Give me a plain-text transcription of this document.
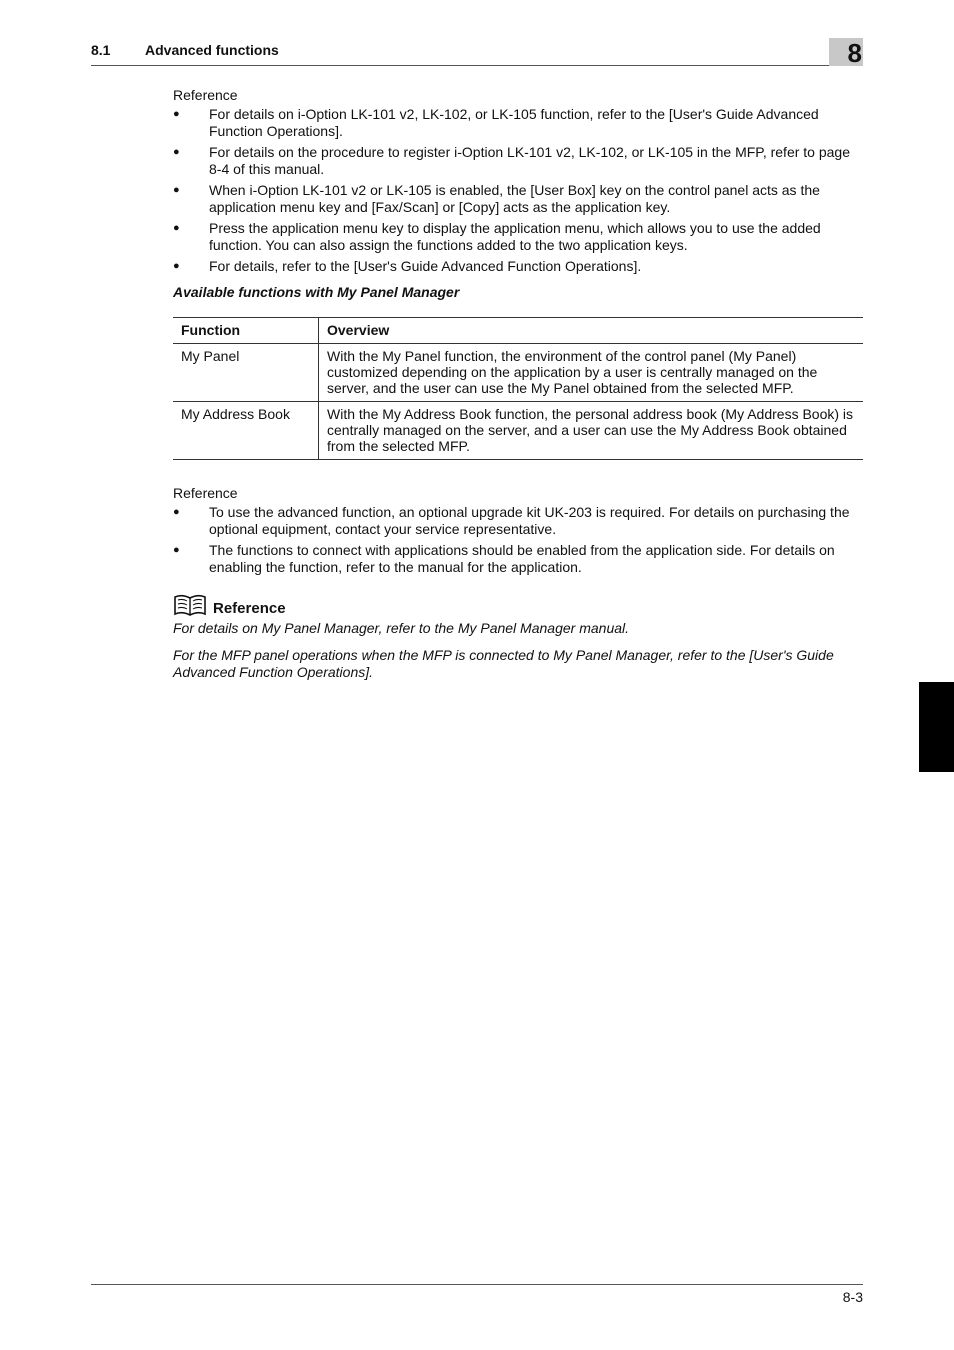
8.1 Advanced functions	8

Reference

● For details on i-Option LK-101 v2, LK-102, or LK-105 function, refer to the [User's Guide Advanced Function Operations].
● For details on the procedure to register i-Option LK-101 v2, LK-102, or LK-105 in the MFP, refer to page 8-4 of this manual.
● When i-Option LK-101 v2 or LK-105 is enabled, the [User Box] key on the control panel acts as the application menu key and [Fax/Scan] or [Copy] acts as the application key.
● Press the application menu key to display the application menu, which allows you to use the added function. You can also assign the functions added to the two application keys.
● For details, refer to the [User's Guide Advanced Function Operations].

Available functions with My Panel Manager

Function	Overview
My Panel	With the My Panel function, the environment of the control panel (My Panel) customized depending on the application by a user is centrally managed on the server, and the user can use the My Panel obtained from the selected MFP.
My Address Book	With the My Address Book function, the personal address book (My Address Book) is centrally managed on the server, and a user can use the My Address Book obtained from the selected MFP.

Reference

● To use the advanced function, an optional upgrade kit UK-203 is required. For details on purchasing the optional equipment, contact your service representative.
● The functions to connect with applications should be enabled from the application side. For details on enabling the function, refer to the manual for the application.
Reference

For details on My Panel Manager, refer to the My Panel Manager manual.

For the MFP panel operations when the MFP is connected to My Panel Manager, refer to the [User's Guide Advanced Function Operations].

8-3
